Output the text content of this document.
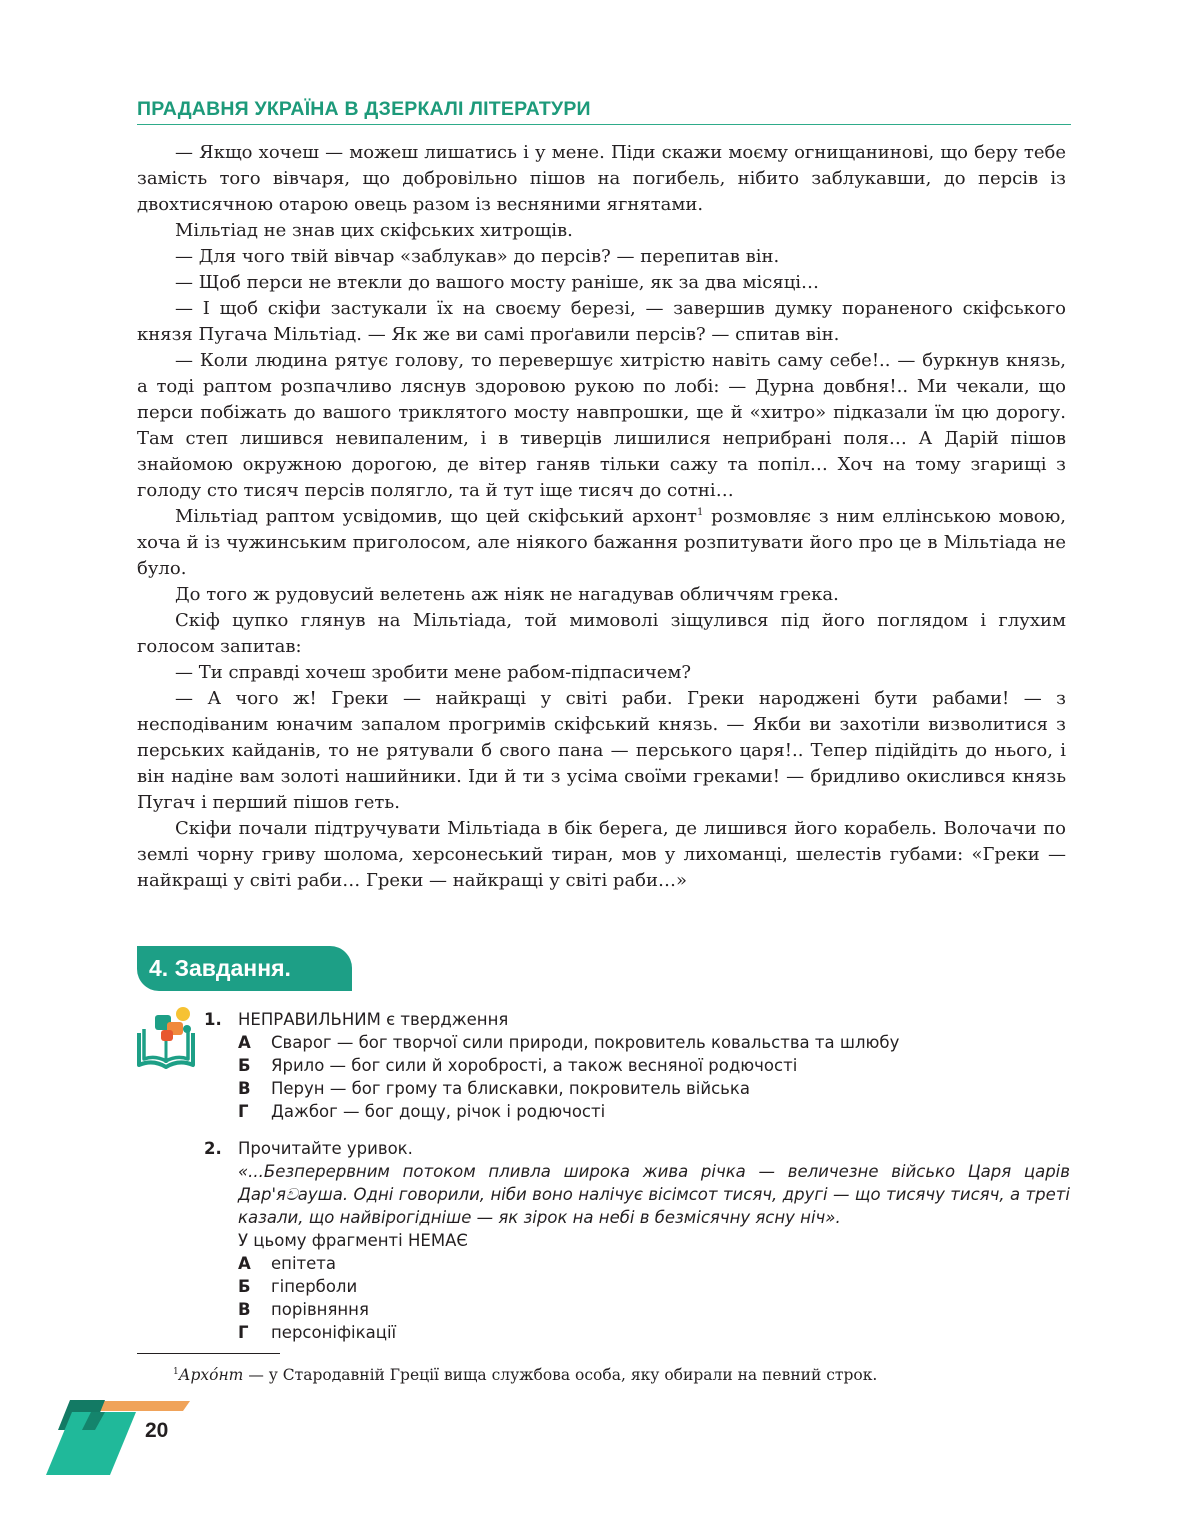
ПРАДАВНЯ УКРАЇНА В ДЗЕРКАЛІ ЛІТЕРАТУРИ

— Якщо хочеш — можеш лишатись і у мене. Піди скажи моєму огнищанинові, що беру тебе замість того вівчаря, що добровільно пішов на погибель, нібито заблукавши, до персів із двохтисячною отарою овець разом із весняними ягнятами.

Мільтіад не знав цих скіфських хитрощів.

— Для чого твій вівчар «заблукав» до персів? — перепитав він.

— Щоб перси не втекли до вашого мосту раніше, як за два місяці…

— І щоб скіфи застукали їх на своєму березі, — завершив думку пораненого скіфського князя Пугача Мільтіад. — Як же ви самі проґавили персів? — спитав він.

— Коли людина рятує голову, то перевершує хитрістю навіть саму себе!.. — буркнув князь, а тоді раптом розпачливо ляснув здоровою рукою по лобі: — Дурна довбня!.. Ми чекали, що перси побіжать до вашого триклятого мосту навпрошки, ще й «хитро» підказали їм цю дорогу. Там степ лишився невипаленим, і в тиверців лишилися неприбрані поля… А Дарій пішов знайомою окружною дорогою, де вітер ганяв тільки сажу та попіл… Хоч на тому згарищі з голоду сто тисяч персів полягло, та й тут іще тисяч до сотні…

Мільтіад раптом усвідомив, що цей скіфський архонт$^1$ розмовляє з ним еллінською мовою, хоча й із чужинським приголосом, але ніякого бажання розпитувати його про це в Мільтіада не було.

До того ж рудовусий велетень аж ніяк не нагадував обличчям грека.

Скіф цупко глянув на Мільтіада, той мимоволі зіщулився під його поглядом і глухим голосом запитав:

— Ти справді хочеш зробити мене рабом-підпасичем?

— А чого ж! Греки — найкращі у світі раби. Греки народжені бути рабами! — з несподіваним юначим запалом прогримів скіфський князь. — Якби ви захотіли визволитися з перських кайданів, то не рятували б свого пана — перського царя!.. Тепер підійдіть до нього, і він надіне вам золоті нашийники. Іди й ти з усіма своїми греками! — бридливо окислився князь Пугач і перший пішов геть.

Скіфи почали підтручувати Мільтіада в бік берега, де лишився його корабель. Волочачи по землі чорну гриву шолома, херсонеський тиран, мов у лихоманці, шелестів губами: «Греки — найкращі у світі раби… Греки — найкращі у світі раби…»

4. Завдання.
1. НЕПРАВИЛЬНИМ є твердження
А Сварог — бог творчої сили природи, покровитель ковальства та шлюбу
Б Ярило — бог сили й хоробрості, а також весняної родючості
В Перун — бог грому та блискавки, покровитель війська
Г Дажбог — бог дощу, річок і родючості
2. Прочитайте уривок.
«...Безперервним потоком пливла широка жива річка — величезне військо Царя царів Дар'яවауша. Одні говорили, ніби воно налічує вісімсот тисяч, другі — що тисячу тисяч, а треті казали, що найвірогідніше — як зірок на небі в безмісячну ясну ніч».
У цьому фрагменті НЕМАЄ
А епітета
Б гіперболи
В порівняння
Г персоніфікації
$^1$Архóнт — у Стародавній Греції вища службова особа, яку обирали на певний строк.
20
